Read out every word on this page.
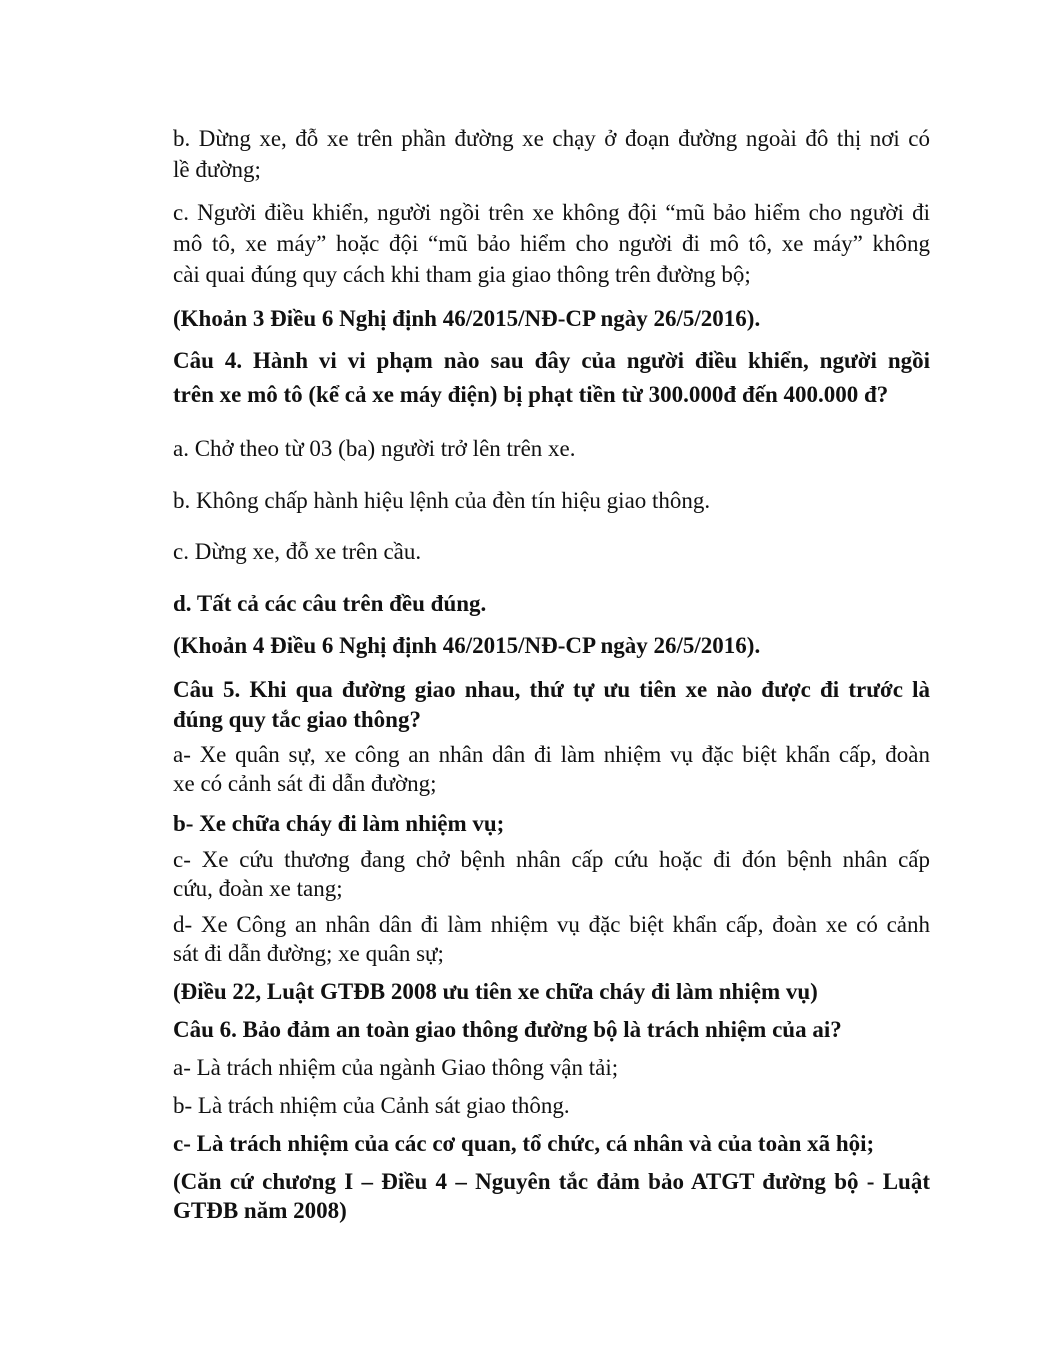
b. Dừng xe, đỗ xe trên phần đường xe chạy ở đoạn đường ngoài đô thị nơi có
lề đường;
c. Người điều khiển, người ngồi trên xe không đội “mũ bảo hiểm cho người đi
mô tô, xe máy” hoặc đội “mũ bảo hiểm cho người đi mô tô, xe máy” không
cài quai đúng quy cách khi tham gia giao thông trên đường bộ;
(Khoản 3 Điều 6 Nghị định 46/2015/NĐ-CP ngày 26/5/2016).
Câu 4. Hành vi vi phạm nào sau đây của người điều khiển, người ngồi
trên xe mô tô (kể cả xe máy điện) bị phạt tiền từ 300.000đ đến 400.000 đ?
a. Chở theo từ 03 (ba) người trở lên trên xe.
b. Không chấp hành hiệu lệnh của đèn tín hiệu giao thông.
c. Dừng xe, đỗ xe trên cầu.
d. Tất cả các câu trên đều đúng.
(Khoản 4 Điều 6 Nghị định 46/2015/NĐ-CP ngày 26/5/2016).
Câu 5. Khi qua đường giao nhau, thứ tự ưu tiên xe nào được đi trước là
đúng quy tắc giao thông?
a- Xe quân sự, xe công an nhân dân đi làm nhiệm vụ đặc biệt khẩn cấp, đoàn
xe có cảnh sát đi dẫn đường;
b- Xe chữa cháy đi làm nhiệm vụ;
c- Xe cứu thương đang chở bệnh nhân cấp cứu hoặc đi đón bệnh nhân cấp
cứu, đoàn xe tang;
d- Xe Công an nhân dân đi làm nhiệm vụ đặc biệt khẩn cấp, đoàn xe có cảnh
sát đi dẫn đường; xe quân sự;
(Điều 22, Luật GTĐB 2008 ưu tiên xe chữa cháy đi làm nhiệm vụ)
Câu 6. Bảo đảm an toàn giao thông đường bộ là trách nhiệm của ai?
a- Là trách nhiệm của ngành Giao thông vận tải;
b- Là trách nhiệm của Cảnh sát giao thông.
c- Là trách nhiệm của các cơ quan, tổ chức, cá nhân và của toàn xã hội;
(Căn cứ chương I – Điều 4 – Nguyên tắc đảm bảo ATGT đường bộ - Luật
GTĐB năm 2008)
